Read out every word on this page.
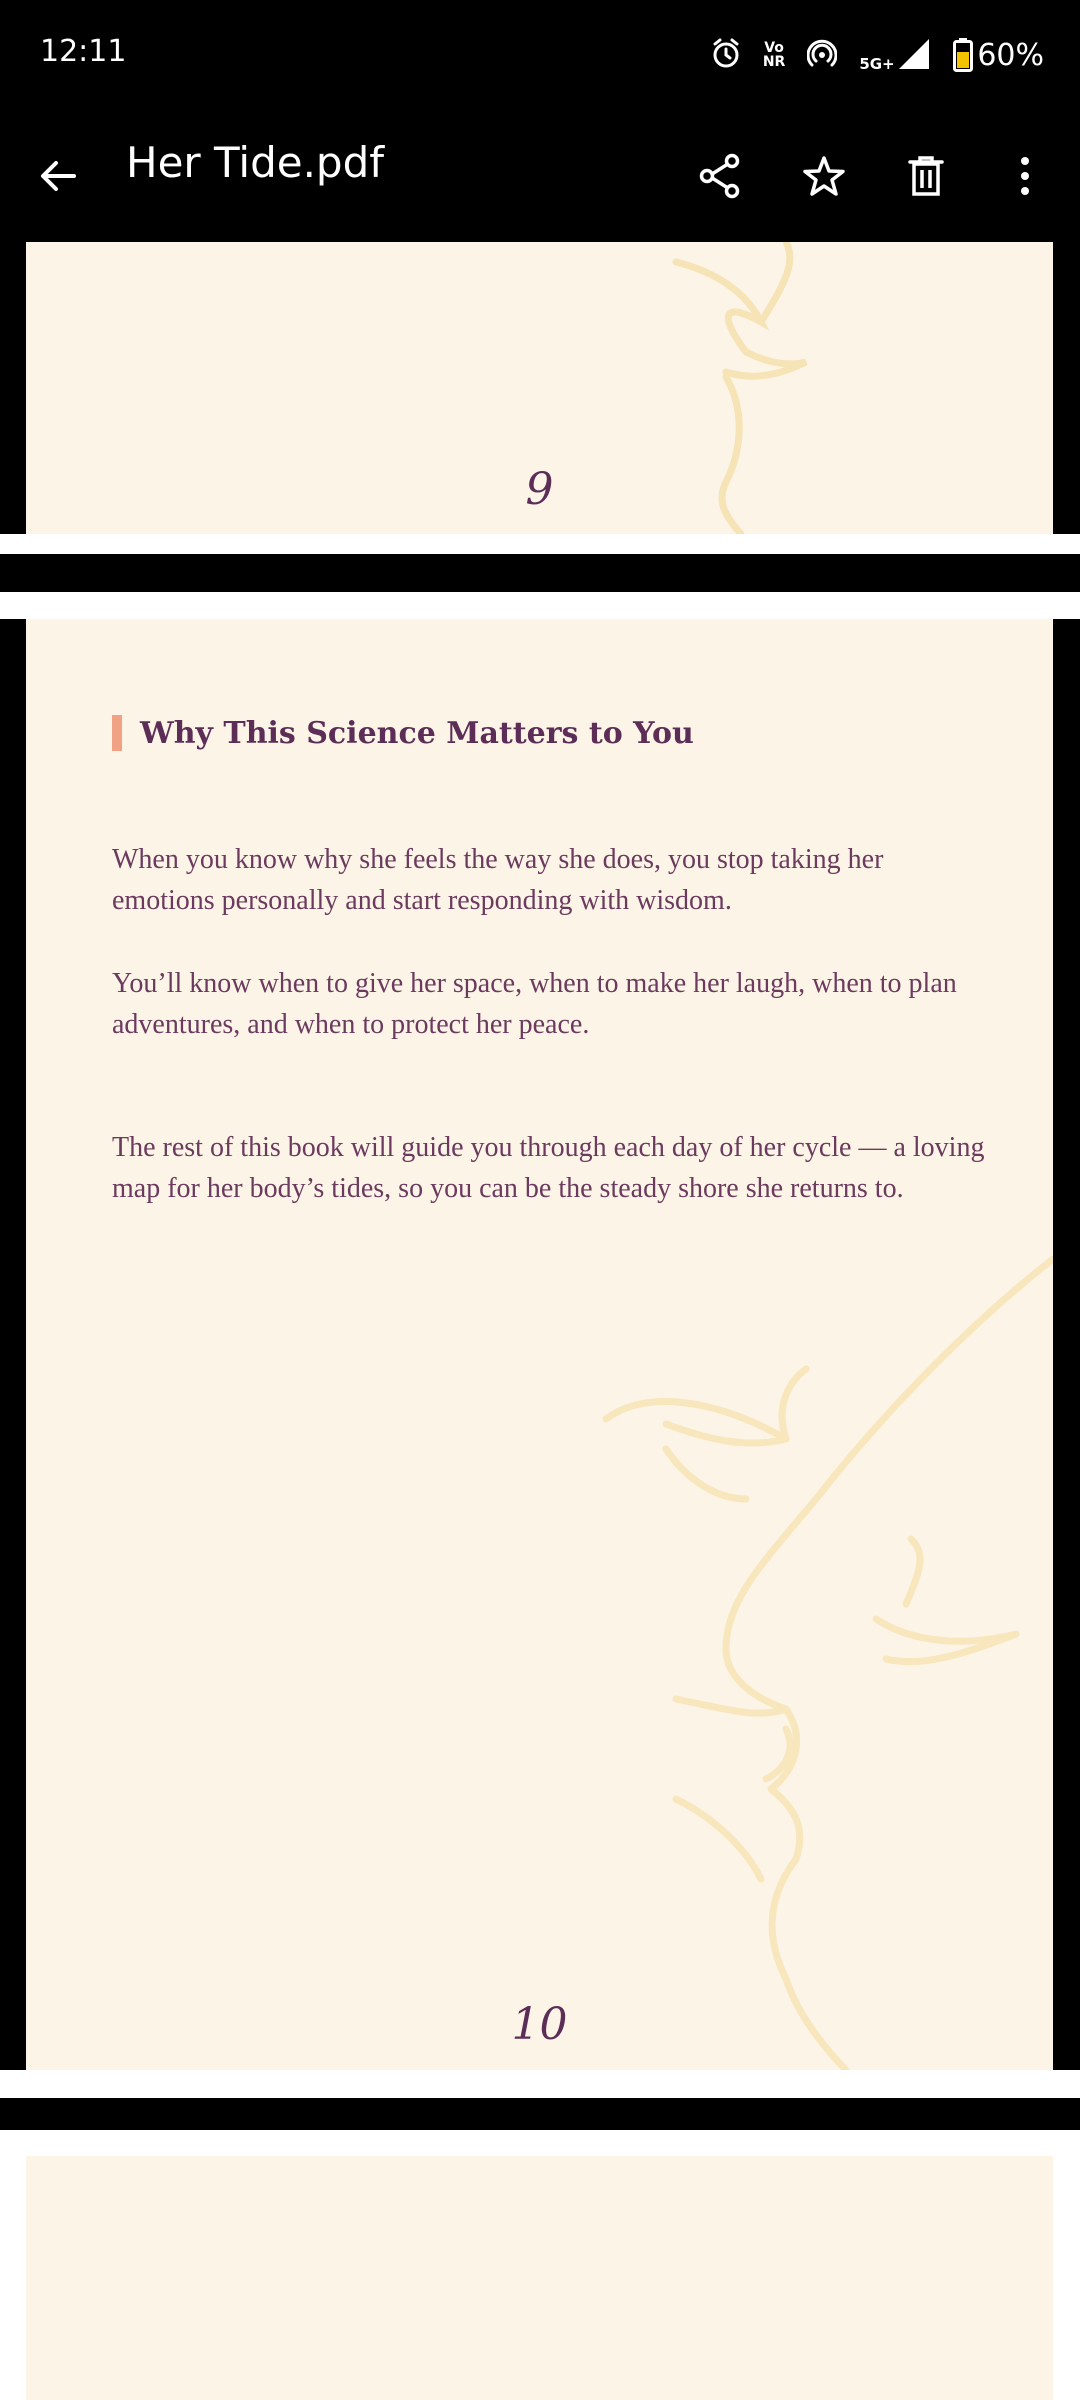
12:11	Vo
NR	5G+	60%
Her Tide.pdf
9
Why This Science Matters to You

When you know why she feels the way she does, you stop taking her emotions personally and start responding with wisdom.

You’ll know when to give her space, when to make her laugh, when to plan adventures, and when to protect her peace.

The rest of this book will guide you through each day of her cycle — a loving map for her body’s tides, so you can be the steady shore she returns to.

10
